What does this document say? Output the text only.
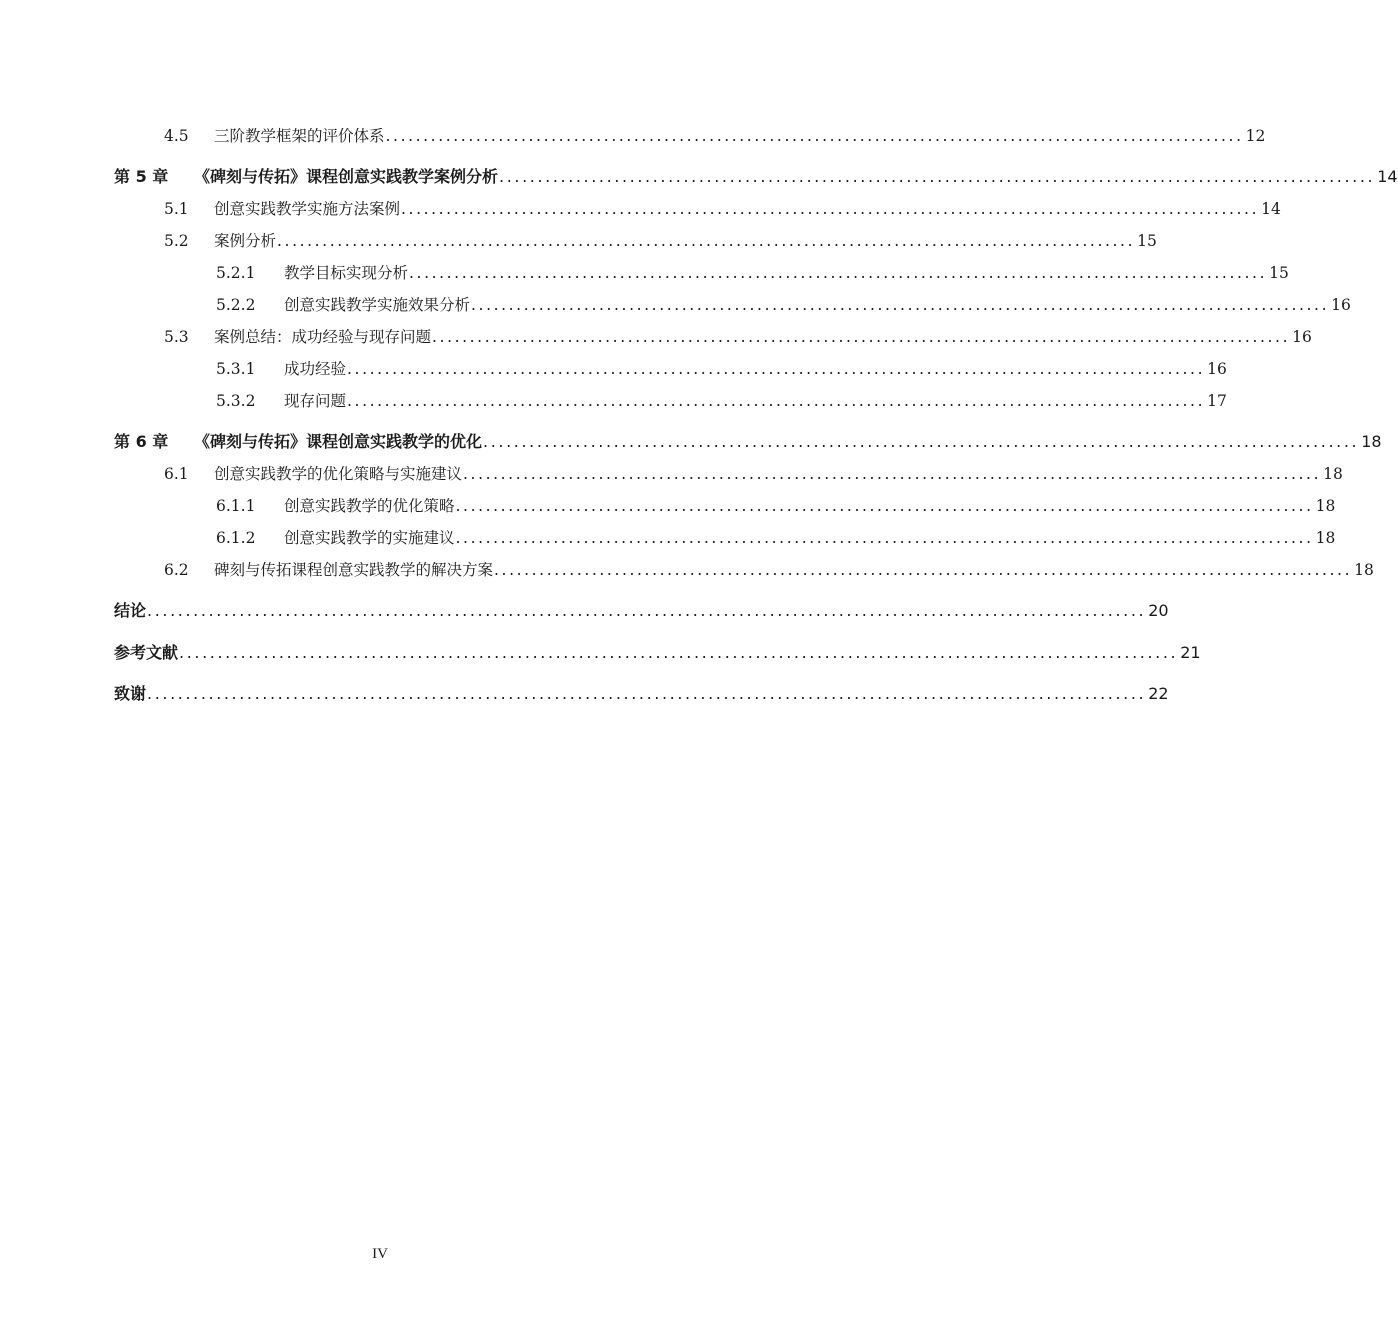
4.5	三阶教学框架的评价体系 .................................................................................................................. 12
第 5 章	《碑刻与传拓》课程创意实践教学案例分析 .................................................................................................................. 14
5.1	创意实践教学实施方法案例 .................................................................................................................. 14
5.2	案例分析 .................................................................................................................. 15
5.2.1	教学目标实现分析 .................................................................................................................. 15
5.2.2	创意实践教学实施效果分析 .................................................................................................................. 16
5.3	案例总结：成功经验与现存问题 .................................................................................................................. 16
5.3.1	成功经验 .................................................................................................................. 16
5.3.2	现存问题 .................................................................................................................. 17
第 6 章	《碑刻与传拓》课程创意实践教学的优化 .................................................................................................................. 18
6.1	创意实践教学的优化策略与实施建议 .................................................................................................................. 18
6.1.1	创意实践教学的优化策略 .................................................................................................................. 18
6.1.2	创意实践教学的实施建议 .................................................................................................................. 18
6.2	碑刻与传拓课程创意实践教学的解决方案 .................................................................................................................. 18
结论 .................................................................................................................................. 20
参考文献 .................................................................................................................................. 21
致谢 .................................................................................................................................. 22
IV
